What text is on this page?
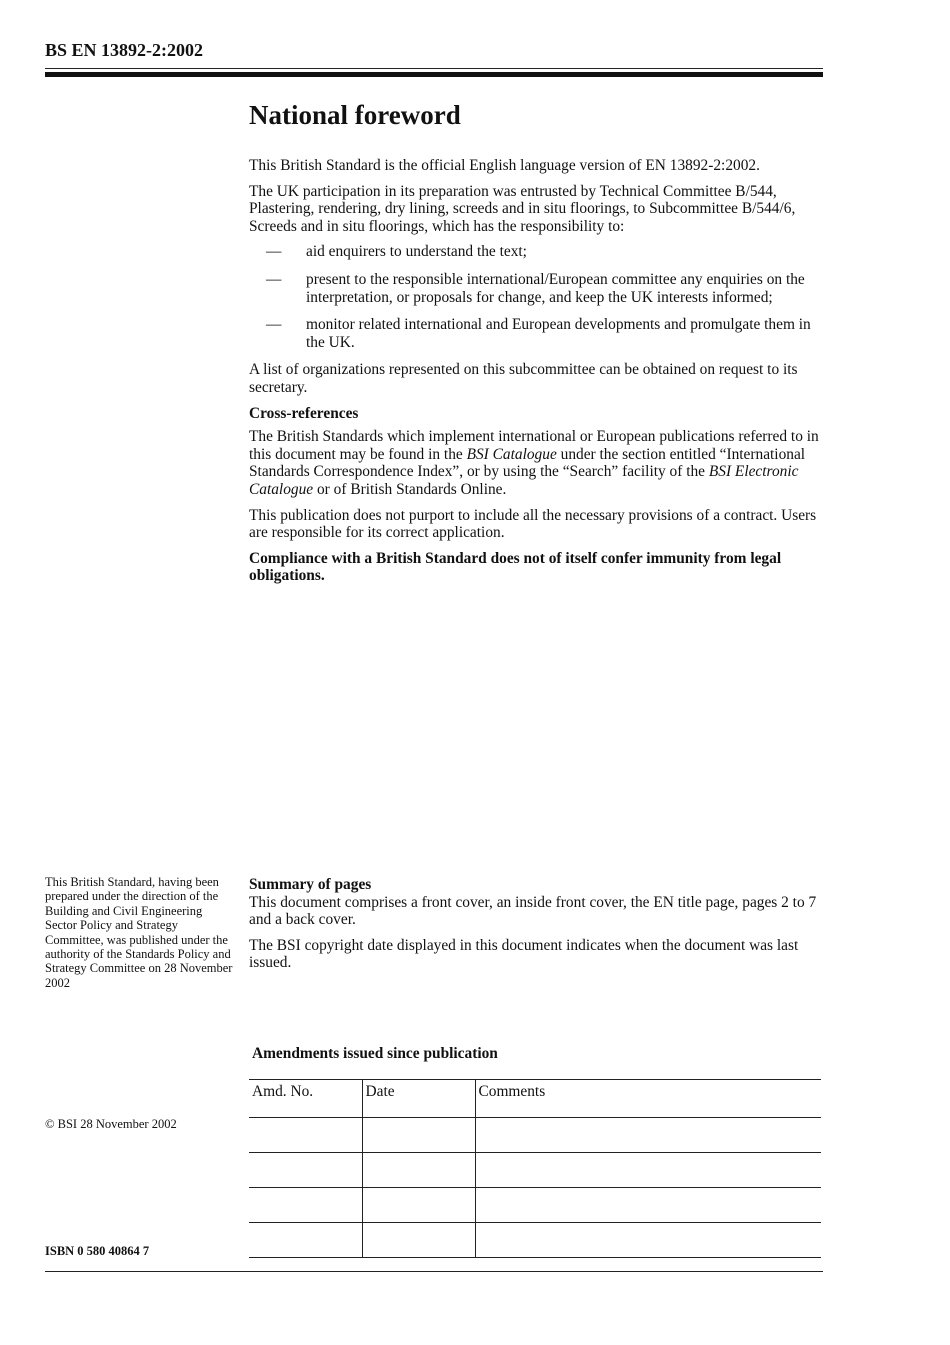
BS EN 13892-2:2002
National foreword

This British Standard is the official English language version of EN 13892-2:2002.

The UK participation in its preparation was entrusted by Technical Committee B/544, Plastering, rendering, dry lining, screeds and in situ floorings, to Subcommittee B/544/6, Screeds and in situ floorings, which has the responsibility to:

— aid enquirers to understand the text;
— present to the responsible international/European committee any enquiries on the interpretation, or proposals for change, and keep the UK interests informed;
— monitor related international and European developments and promulgate them in the UK.

A list of organizations represented on this subcommittee can be obtained on request to its secretary.

Cross-references

The British Standards which implement international or European publications referred to in this document may be found in the BSI Catalogue under the section entitled “International Standards Correspondence Index”, or by using the “Search” facility of the BSI Electronic Catalogue or of British Standards Online.

This publication does not purport to include all the necessary provisions of a contract. Users are responsible for its correct application.

Compliance with a British Standard does not of itself confer immunity from legal obligations.

This British Standard, having been prepared under the direction of the Building and Civil Engineering Sector Policy and Strategy Committee, was published under the authority of the Standards Policy and Strategy Committee on 28 November 2002

Summary of pages

This document comprises a front cover, an inside front cover, the EN title page, pages 2 to 7 and a back cover.

The BSI copyright date displayed in this document indicates when the document was last issued.

Amendments issued since publication
Amd. No.	Date	Comments

© BSI 28 November 2002
ISBN 0 580 40864 7
